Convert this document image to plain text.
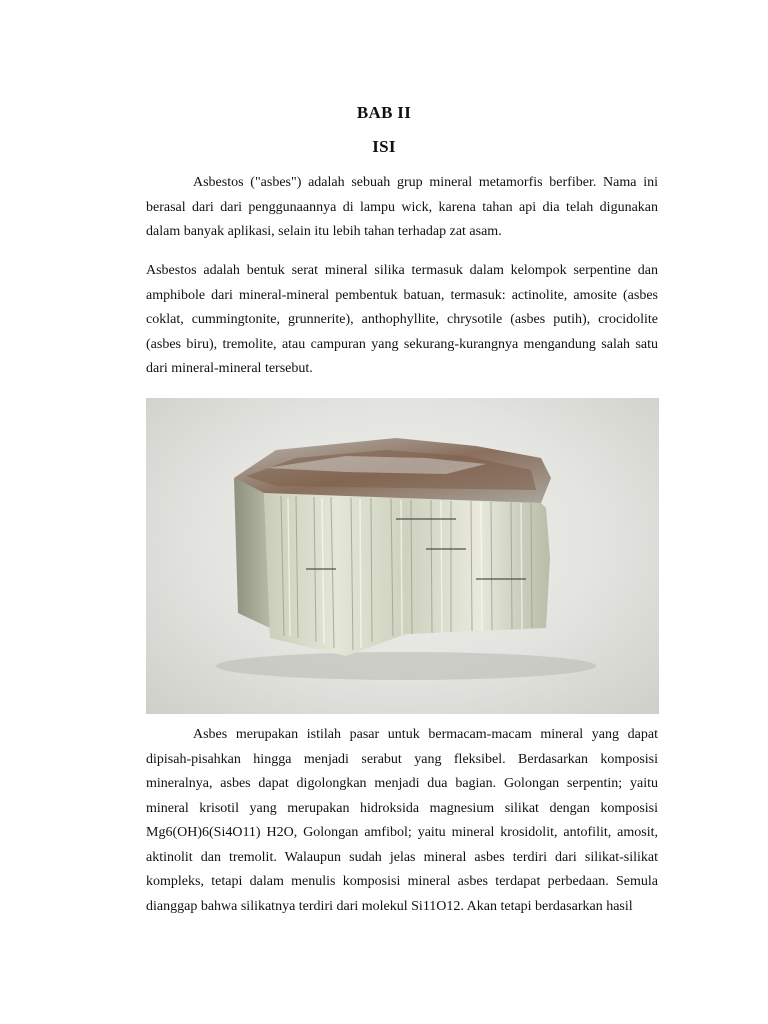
BAB II
ISI

Asbestos ("asbes") adalah sebuah grup mineral metamorfis berfiber. Nama ini berasal dari dari penggunaannya di lampu wick, karena tahan api dia telah digunakan dalam banyak aplikasi, selain itu lebih tahan terhadap zat asam.

Asbestos adalah bentuk serat mineral silika termasuk dalam kelompok serpentine dan amphibole dari mineral-mineral pembentuk batuan, termasuk: actinolite, amosite (asbes coklat, cummingtonite, grunnerite), anthophyllite, chrysotile (asbes putih), crocidolite (asbes biru), tremolite, atau campuran yang sekurang-kurangnya mengandung salah satu dari mineral-mineral tersebut.

Asbes merupakan istilah pasar untuk bermacam-macam mineral yang dapat dipisah-pisahkan hingga menjadi serabut yang fleksibel. Berdasarkan komposisi mineralnya, asbes dapat digolongkan menjadi dua bagian. Golongan serpentin; yaitu mineral krisotil yang merupakan hidroksida magnesium silikat dengan komposisi Mg6(OH)6(Si4O11) H2O, Golongan amfibol; yaitu mineral krosidolit, antofilit, amosit, aktinolit dan tremolit. Walaupun sudah jelas mineral asbes terdiri dari silikat-silikat kompleks, tetapi dalam menulis komposisi mineral asbes terdapat perbedaan. Semula dianggap bahwa silikatnya terdiri dari molekul Si11O12. Akan tetapi berdasarkan hasil
